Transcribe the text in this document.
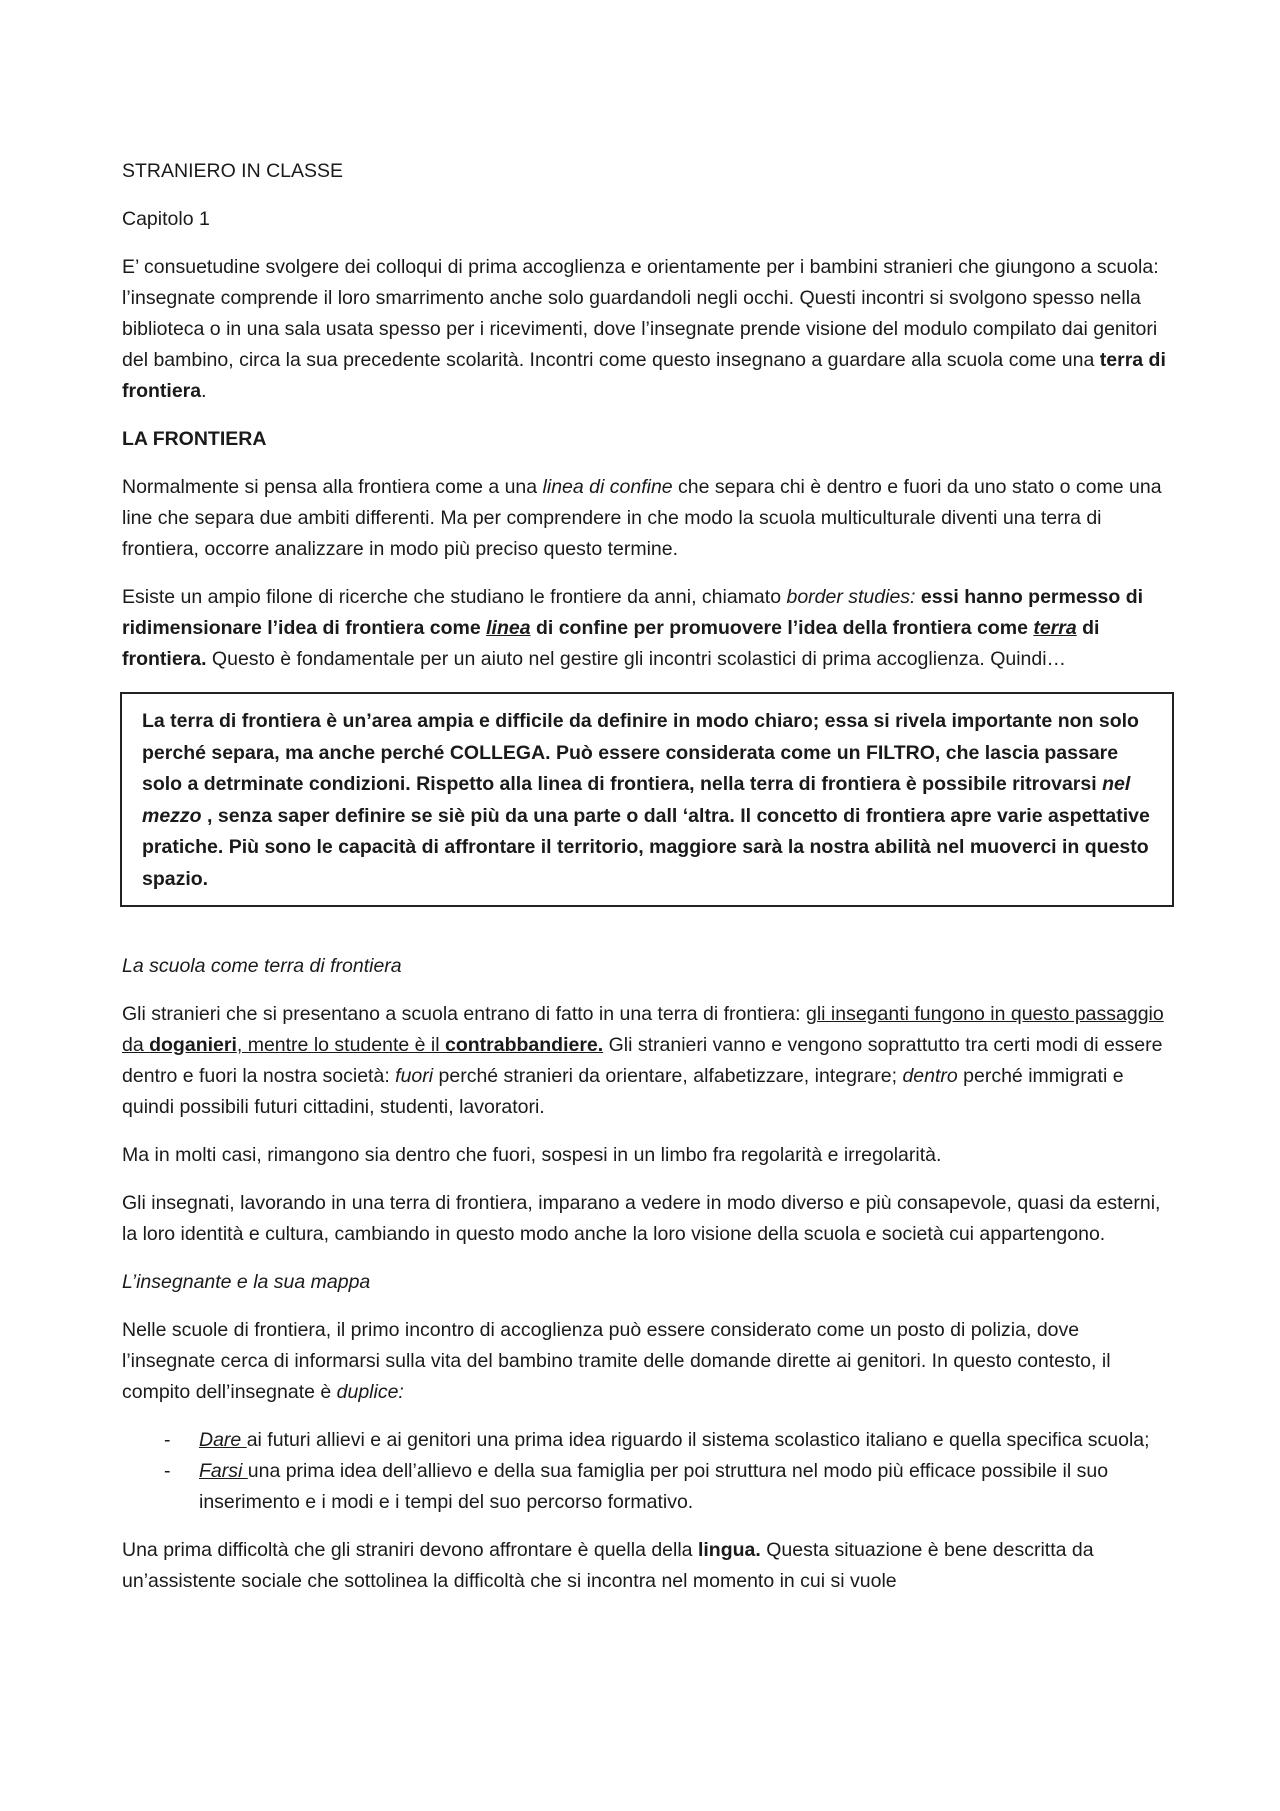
STRANIERO IN CLASSE
Capitolo 1

E’ consuetudine svolgere dei colloqui di prima accoglienza e orientamente per i bambini stranieri che giungono a scuola: l’insegnate comprende il loro smarrimento anche solo guardandoli negli occhi. Questi incontri si svolgono spesso nella biblioteca o in una sala usata spesso per i ricevimenti, dove l’insegnate prende visione del modulo compilato dai genitori del bambino, circa la sua precedente scolarità. Incontri come questo insegnano a guardare alla scuola come una terra di frontiera.

LA FRONTIERA

Normalmente si pensa alla frontiera come a una linea di confine che separa chi è dentro e fuori da uno stato o come una line che separa due ambiti differenti. Ma per comprendere in che modo la scuola multiculturale diventi una terra di frontiera, occorre analizzare in modo più preciso questo termine.

Esiste un ampio filone di ricerche che studiano le frontiere da anni, chiamato border studies: essi hanno permesso di ridimensionare l’idea di frontiera come linea di confine per promuovere l’idea della frontiera come terra di frontiera. Questo è fondamentale per un aiuto nel gestire gli incontri scolastici di prima accoglienza. Quindi…

La terra di frontiera è un’area ampia e difficile da definire in modo chiaro; essa si rivela importante non solo perché separa, ma anche perché COLLEGA. Può essere considerata come un FILTRO, che lascia passare solo a detrminate condizioni. Rispetto alla linea di frontiera, nella terra di frontiera è possibile ritrovarsi nel mezzo , senza saper definire se siè più da una parte o dall ‘altra. Il concetto di frontiera apre varie aspettative pratiche. Più sono le capacità di affrontare il territorio, maggiore sarà la nostra abilità nel muoverci in questo spazio.
La scuola come terra di frontiera

Gli stranieri che si presentano a scuola entrano di fatto in una terra di frontiera: gli inseganti fungono in questo passaggio da doganieri, mentre lo studente è il contrabbandiere. Gli stranieri vanno e vengono soprattutto tra certi modi di essere dentro e fuori la nostra società: fuori perché stranieri da orientare, alfabetizzare, integrare; dentro perché immigrati e quindi possibili futuri cittadini, studenti, lavoratori.

Ma in molti casi, rimangono sia dentro che fuori, sospesi in un limbo fra regolarità e irregolarità.

Gli insegnati, lavorando in una terra di frontiera, imparano a vedere in modo diverso e più consapevole, quasi da esterni, la loro identità e cultura, cambiando in questo modo anche la loro visione della scuola e società cui appartengono.

L’insegnante e la sua mappa

Nelle scuole di frontiera, il primo incontro di accoglienza può essere considerato come un posto di polizia, dove l’insegnate cerca di informarsi sulla vita del bambino tramite delle domande dirette ai genitori. In questo contesto, il compito dell’insegnate è duplice:

- Dare ai futuri allievi e ai genitori una prima idea riguardo il sistema scolastico italiano e quella specifica scuola;
- Farsi una prima idea dell’allievo e della sua famiglia per poi struttura nel modo più efficace possibile il suo inserimento e i modi e i tempi del suo percorso formativo.

Una prima difficoltà che gli straniri devono affrontare è quella della lingua. Questa situazione è bene descritta da un’assistente sociale che sottolinea la difficoltà che si incontra nel momento in cui si vuole
